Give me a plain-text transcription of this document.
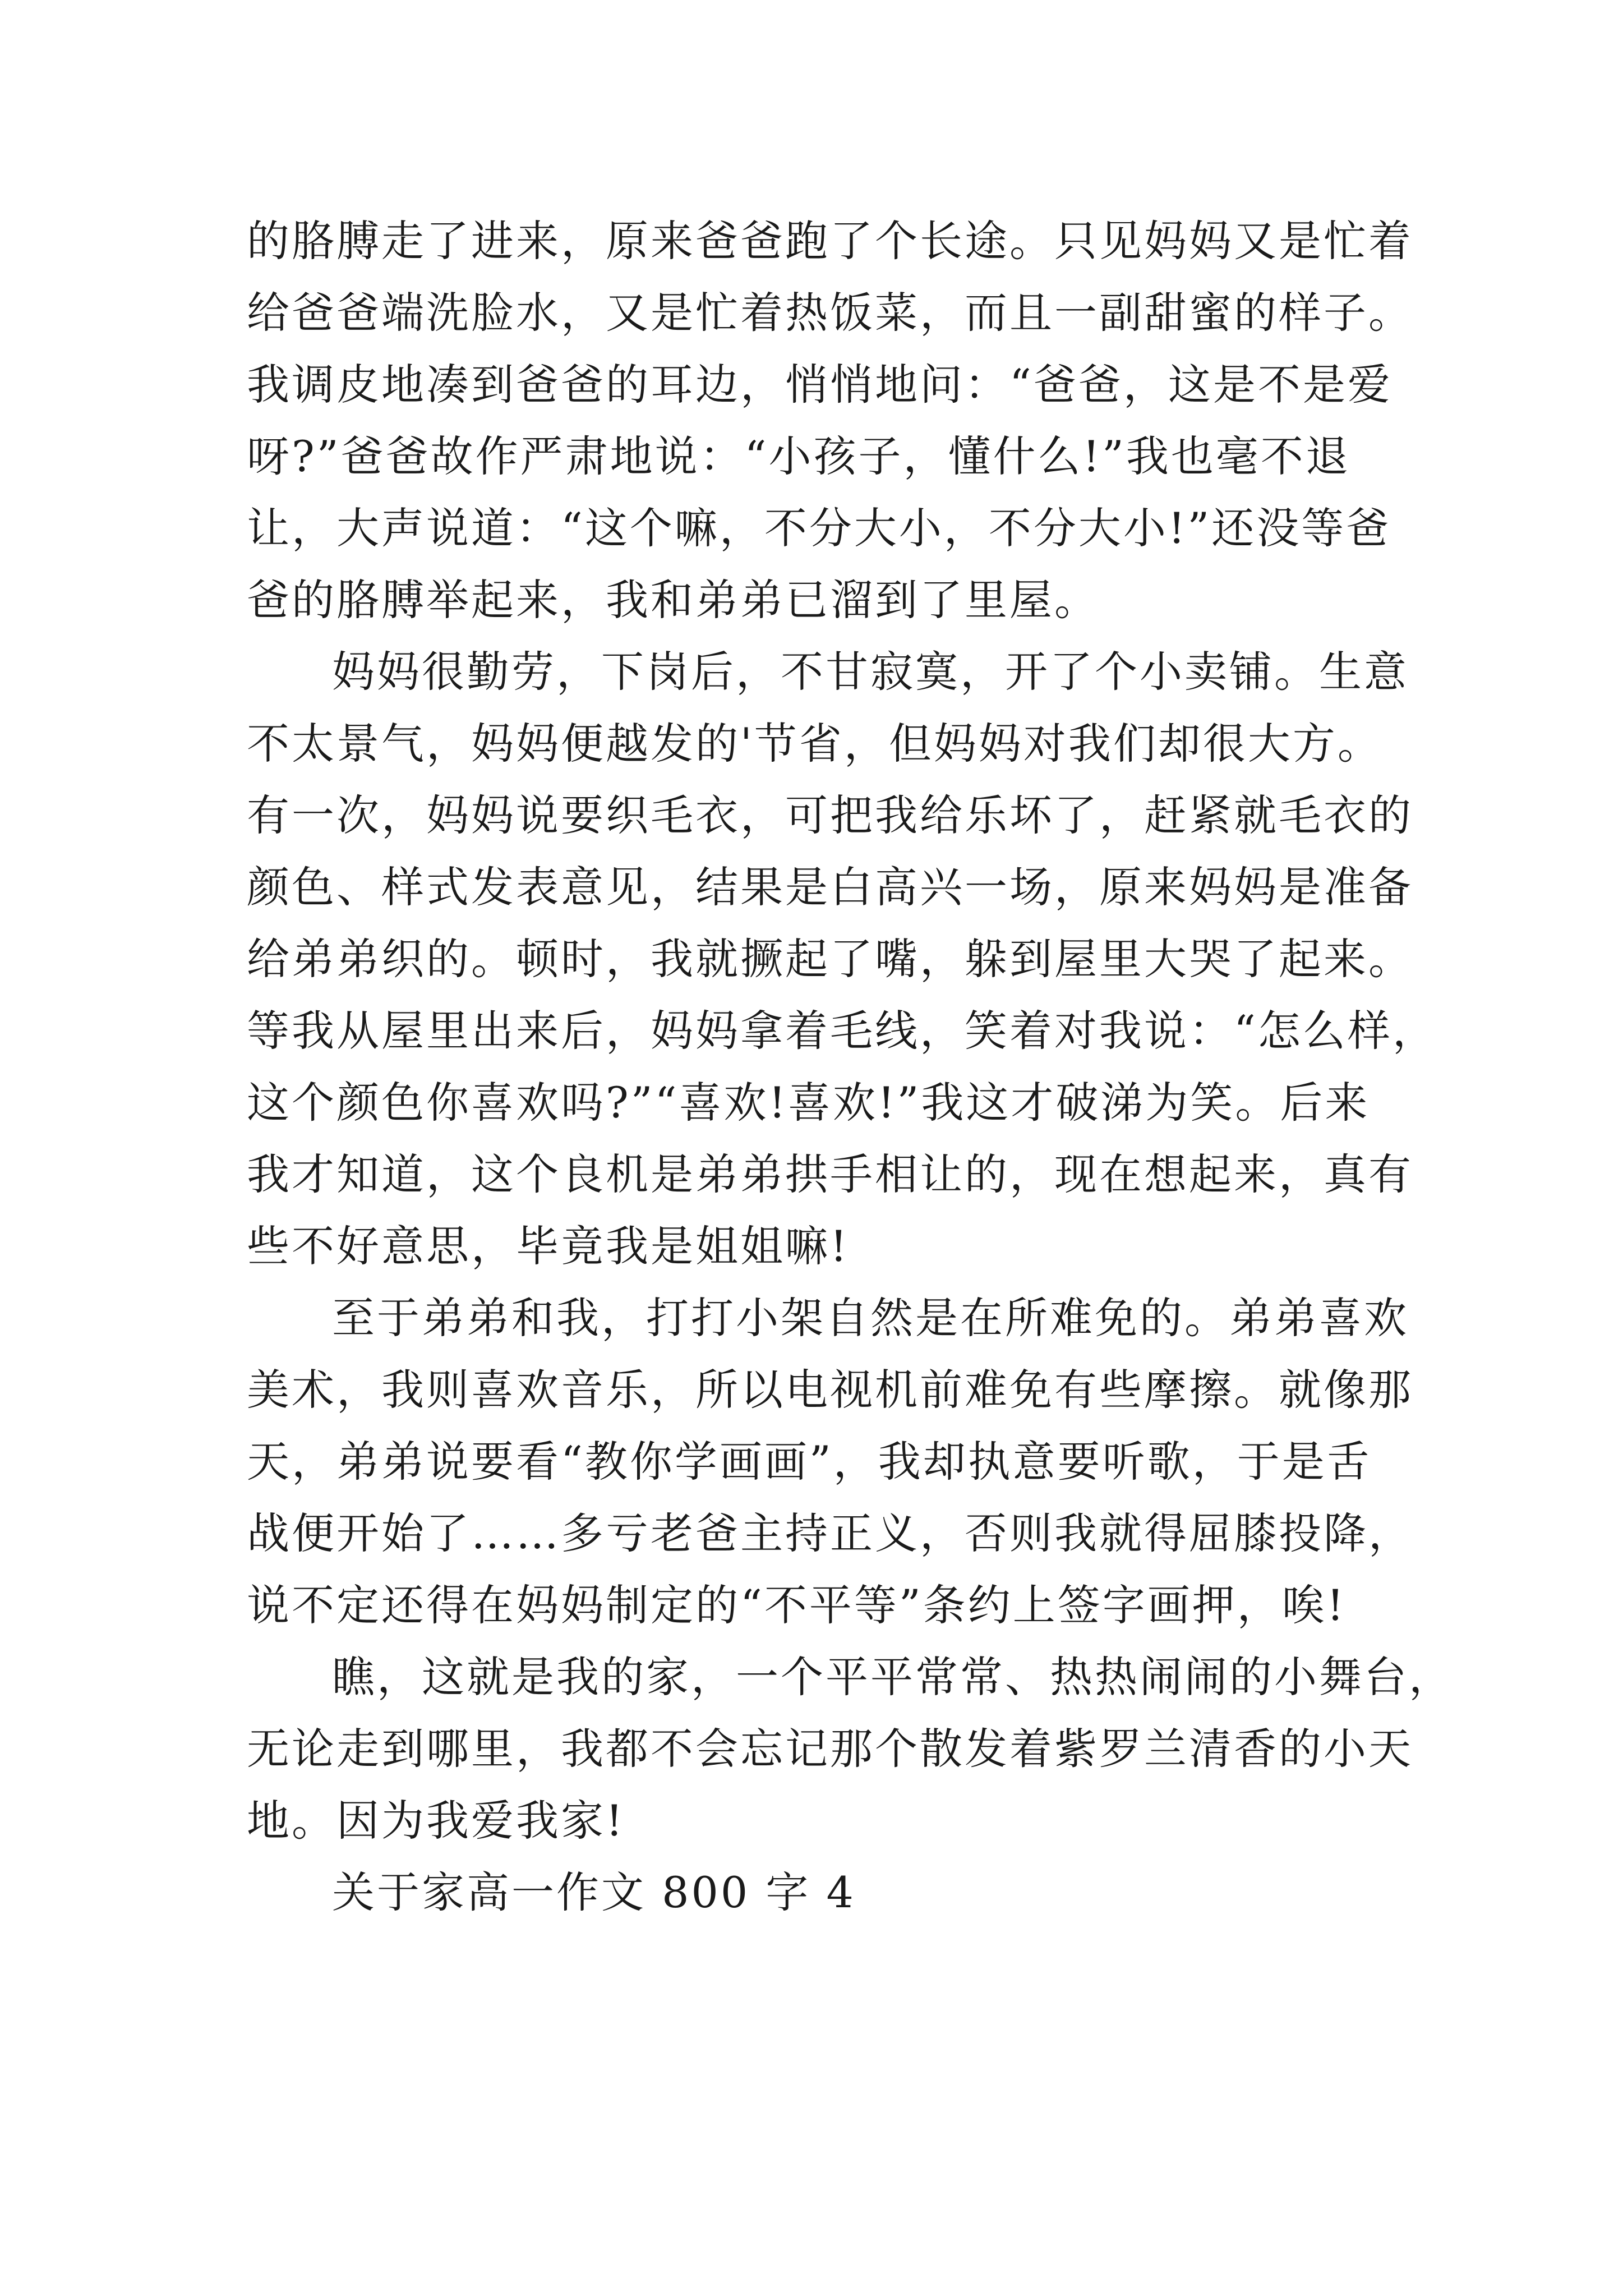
的胳膊走了进来，原来爸爸跑了个长途。只见妈妈又是忙着
给爸爸端洗脸水，又是忙着热饭菜，而且一副甜蜜的样子。
我调皮地凑到爸爸的耳边，悄悄地问：“爸爸，这是不是爱
呀?”爸爸故作严肃地说：“小孩子，懂什么!”我也毫不退
让，大声说道：“这个嘛，不分大小，不分大小!”还没等爸
爸的胳膊举起来，我和弟弟已溜到了里屋。
妈妈很勤劳，下岗后，不甘寂寞，开了个小卖铺。生意
不太景气，妈妈便越发的'节省，但妈妈对我们却很大方。
有一次，妈妈说要织毛衣，可把我给乐坏了，赶紧就毛衣的
颜色、样式发表意见，结果是白高兴一场，原来妈妈是准备
给弟弟织的。顿时，我就撅起了嘴，躲到屋里大哭了起来。
等我从屋里出来后，妈妈拿着毛线，笑着对我说：“怎么样，
这个颜色你喜欢吗?”“喜欢!喜欢!”我这才破涕为笑。后来
我才知道，这个良机是弟弟拱手相让的，现在想起来，真有
些不好意思，毕竟我是姐姐嘛!
至于弟弟和我，打打小架自然是在所难免的。弟弟喜欢
美术，我则喜欢音乐，所以电视机前难免有些摩擦。就像那
天，弟弟说要看“教你学画画”，我却执意要听歌，于是舌
战便开始了……多亏老爸主持正义，否则我就得屈膝投降，
说不定还得在妈妈制定的“不平等”条约上签字画押，唉!
瞧，这就是我的家，一个平平常常、热热闹闹的小舞台，
无论走到哪里，我都不会忘记那个散发着紫罗兰清香的小天
地。因为我爱我家!
关于家高一作文 800 字 4
